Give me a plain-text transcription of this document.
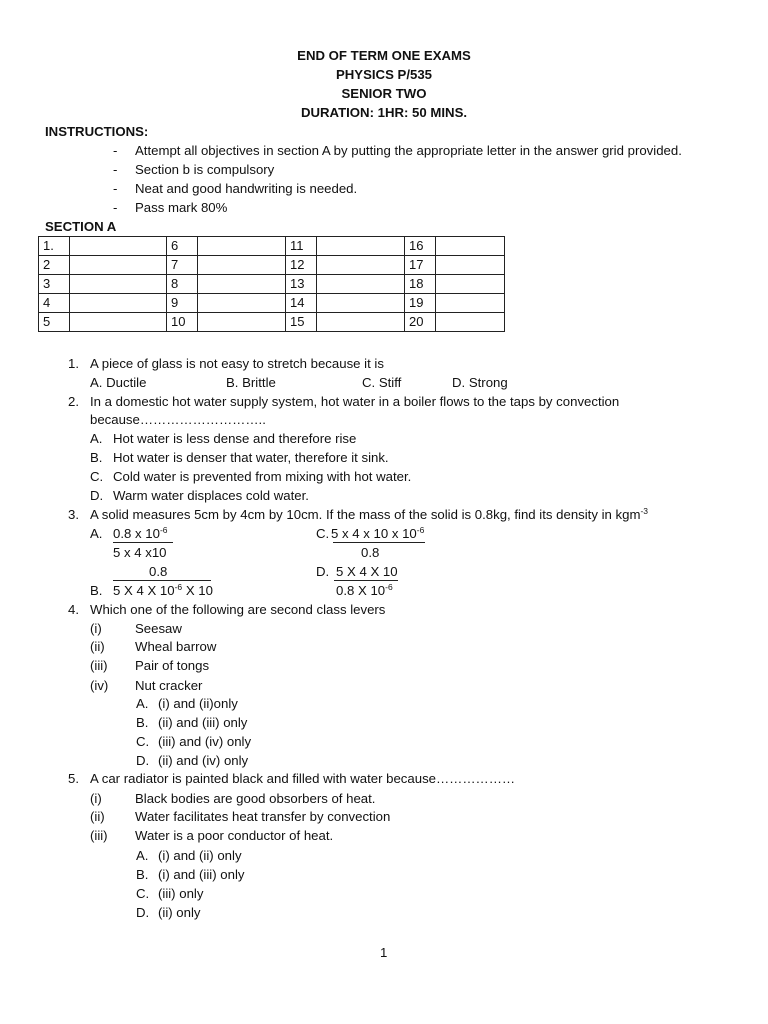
END OF TERM ONE EXAMS
PHYSICS P/535
SENIOR TWO
DURATION: 1HR: 50 MINS.
INSTRUCTIONS:
- Attempt all objectives in section A by putting the appropriate letter in the answer grid provided.
- Section b is compulsory
- Neat and good handwriting is needed.
- Pass mark 80%
SECTION A
1.		6		11		16	
2		7		12		17	
3		8		13		18	
4		9		14		19	
5		10		15		20	
1. A piece of glass is not easy to stretch because it is
A. Ductile	B. Brittle	C. Stiff	D. Strong
2. In a domestic hot water supply system, hot water in a boiler flows to the taps by convection
because………………………..
A. Hot water is less dense and therefore rise
B. Hot water is denser that water, therefore it sink.
C. Cold water is prevented from mixing with hot water.
D. Warm water displaces cold water.
3. A solid measures 5cm by 4cm by 10cm. If the mass of the solid is 0.8kg, find its density in kgm$^{-3}$
A. 0.8 x $10^{-6}$
5 x 4 x10
0.8
B. 5 X 4 X $10^{-6}$ X 10
C. 5 x 4 x 10 x $10^{-6}$
0.8
D. 5 X 4 X 10
0.8 X $10^{-6}$
4. Which one of the following are second class levers
(i)	Seesaw
(ii) Wheal barrow
(iii) Pair of tongs
(iv) Nut cracker
A. (i) and (ii)only
B. (ii) and (iii) only
C. (iii) and (iv) only
D. (ii) and (iv) only
5. A car radiator is painted black and filled with water because………………
(i)	Black bodies are good obsorbers of heat.
(ii) Water facilitates heat transfer by convection
(iii) Water is a poor conductor of heat.
A. (i) and (ii) only
B. (i) and (iii) only
C. (iii) only
D. (ii) only
1
